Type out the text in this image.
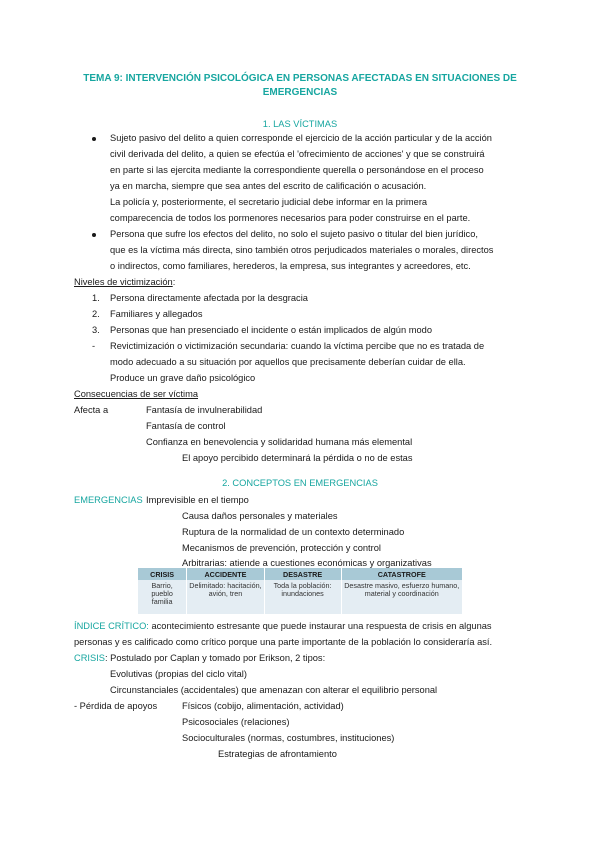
TEMA 9: INTERVENCIÓN PSICOLÓGICA EN PERSONAS AFECTADAS EN SITUACIONES DE
EMERGENCIAS
1. LAS VÍCTIMAS
Sujeto pasivo del delito a quien corresponde el ejercicio de la acción particular y de la acción
civil derivada del delito, a quien se efectúa el 'ofrecimiento de acciones' y que se construirá
en parte si las ejercita mediante la correspondiente querella o personándose en el proceso
ya en marcha, siempre que sea antes del escrito de calificación o acusación.
La policía y, posteriormente, el secretario judicial debe informar en la primera
comparecencia de todos los pormenores necesarios para poder construirse en el parte.
Persona que sufre los efectos del delito, no solo el sujeto pasivo o titular del bien jurídico,
que es la víctima más directa, sino también otros perjudicados materiales o morales, directos
o indirectos, como familiares, herederos, la empresa, sus integrantes y acreedores, etc.
Niveles de victimización:
1. Persona directamente afectada por la desgracia
2. Familiares y allegados
3. Personas que han presenciado el incidente o están implicados de algún modo
- Revictimización o victimización secundaria: cuando la víctima percibe que no es tratada de
modo adecuado a su situación por aquellos que precisamente deberían cuidar de ella.
Produce un grave daño psicológico
Consecuencias de ser víctima
Afecta a	Fantasía de invulnerabilidad
Fantasía de control
Confianza en benevolencia y solidaridad humana más elemental
El apoyo percibido determinará la pérdida o no de estas
2. CONCEPTOS EN EMERGENCIAS
EMERGENCIAS Imprevisible en el tiempo
Causa daños personales y materiales
Ruptura de la normalidad de un contexto determinado
Mecanismos de prevención, protección y control
Arbitrarias: atiende a cuestiones económicas y organizativas
CRISIS	ACCIDENTE	DESASTRE	CATASTROFE

Barrio, pueblo familia	Delimitado: hacitación, avión, tren	Toda la población: inundaciones	Desastre masivo, esfuerzo humano, material y coordinación
ÍNDICE CRÍTICO: acontecimiento estresante que puede instaurar una respuesta de crisis en algunas
personas y es calificado como crítico porque una parte importante de la población lo consideraría así.
CRISIS: Postulado por Caplan y tomado por Erikson, 2 tipos:
Evolutivas (propias del ciclo vital)
Circunstanciales (accidentales) que amenazan con alterar el equilibrio personal
- Pérdida de apoyos	Físicos (cobijo, alimentación, actividad)
Psicosociales (relaciones)
Socioculturales (normas, costumbres, instituciones)
Estrategias de afrontamiento
